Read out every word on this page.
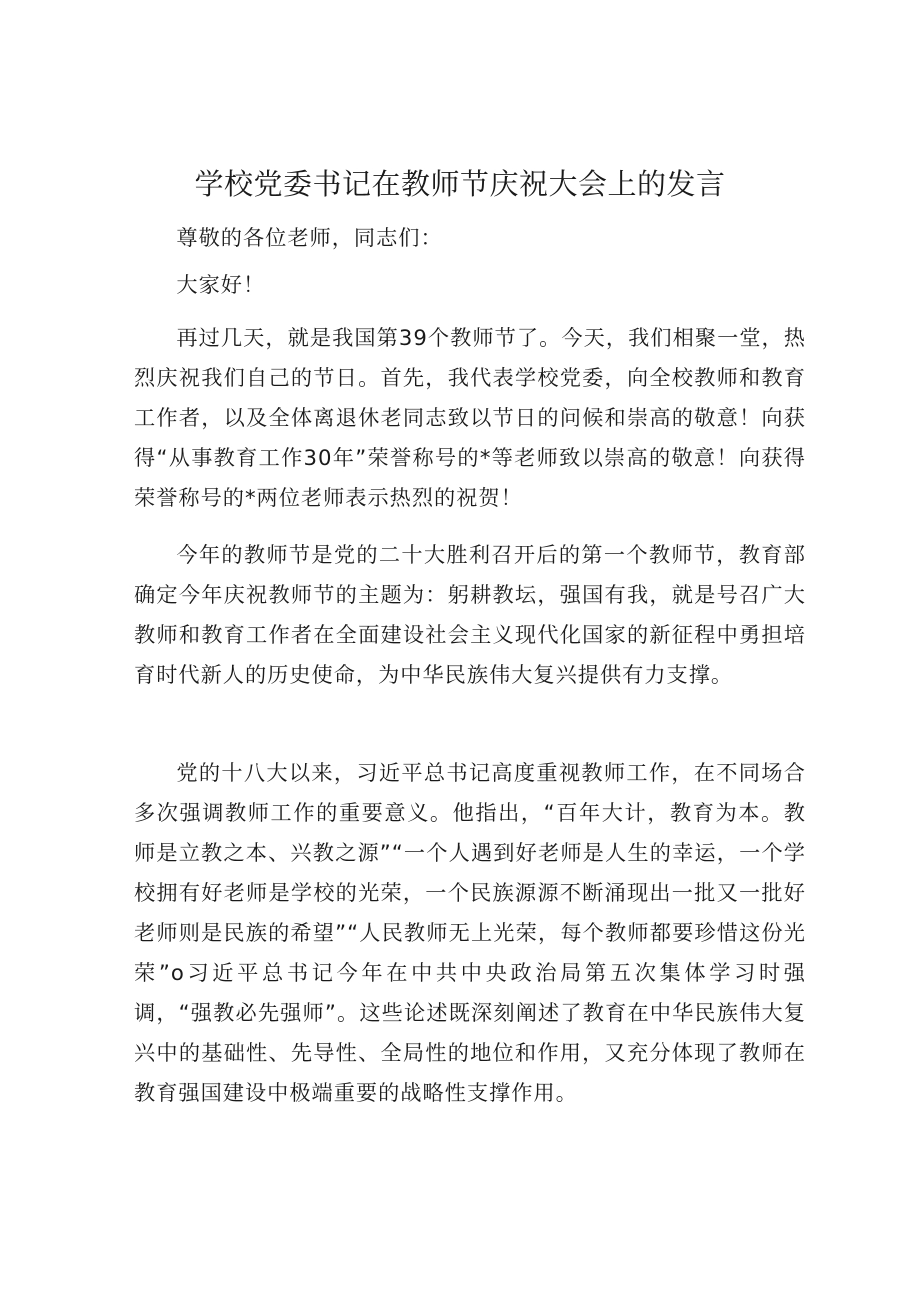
学校党委书记在教师节庆祝大会上的发言

尊敬的各位老师，同志们：

大家好！

再过几天，就是我国第39个教师节了。今天，我们相聚一堂，热烈庆祝我们自己的节日。首先，我代表学校党委，向全校教师和教育工作者，以及全体离退休老同志致以节日的问候和崇高的敬意！向获得“从事教育工作30年”荣誉称号的*等老师致以崇高的敬意！向获得荣誉称号的*两位老师表示热烈的祝贺！

今年的教师节是党的二十大胜利召开后的第一个教师节，教育部确定今年庆祝教师节的主题为：躬耕教坛，强国有我，就是号召广大教师和教育工作者在全面建设社会主义现代化国家的新征程中勇担培育时代新人的历史使命，为中华民族伟大复兴提供有力支撑。

党的十八大以来，习近平总书记高度重视教师工作，在不同场合多次强调教师工作的重要意义。他指出，“百年大计，教育为本。教师是立教之本、兴教之源”“一个人遇到好老师是人生的幸运，一个学校拥有好老师是学校的光荣，一个民族源源不断涌现出一批又一批好老师则是民族的希望”“人民教师无上光荣，每个教师都要珍惜这份光荣”o习近平总书记今年在中共中央政治局第五次集体学习时强调，“强教必先强师”。这些论述既深刻阐述了教育在中华民族伟大复兴中的基础性、先导性、全局性的地位和作用，又充分体现了教师在教育强国建设中极端重要的战略性支撑作用。
